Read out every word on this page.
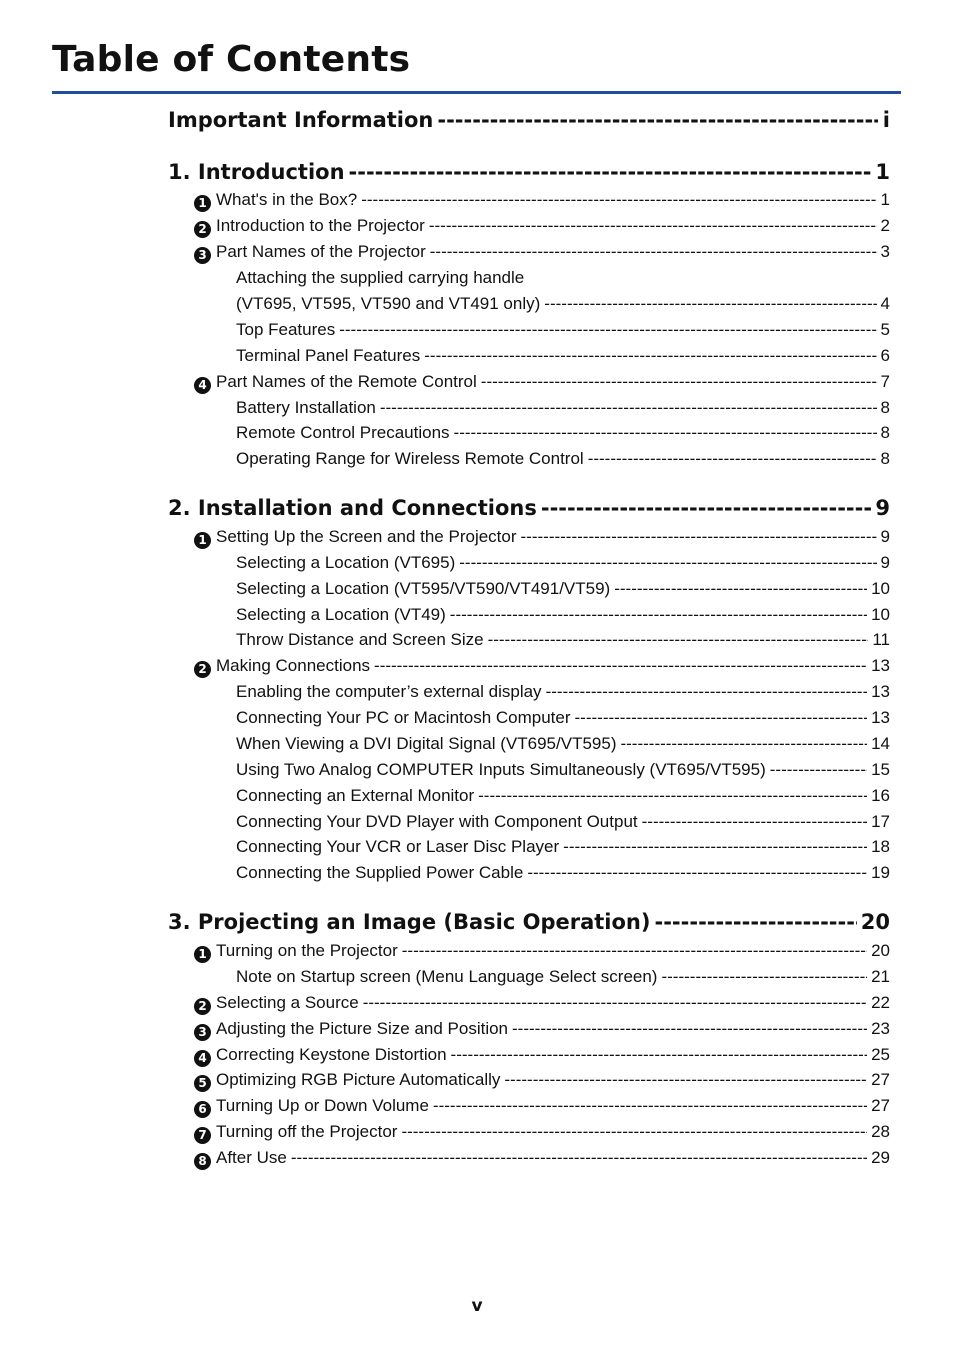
Table of Contents
Important Information -----	i
1. Introduction -----	1
1 What's in the Box? -----	1
2 Introduction to the Projector -----	2
3 Part Names of the Projector -----	3
Attaching the supplied carrying handle
(VT695, VT595, VT590 and VT491 only) -----	4
Top Features -----	5
Terminal Panel Features -----	6
4 Part Names of the Remote Control -----	7
Battery Installation -----	8
Remote Control Precautions -----	8
Operating Range for Wireless Remote Control -----	8
2. Installation and Connections -----	9
1 Setting Up the Screen and the Projector -----	9
Selecting a Location (VT695) -----	9
Selecting a Location (VT595/VT590/VT491/VT59) -----	10
Selecting a Location (VT49) -----	10
Throw Distance and Screen Size -----	11
2 Making Connections -----	13
Enabling the computer’s external display -----	13
Connecting Your PC or Macintosh Computer -----	13
When Viewing a DVI Digital Signal (VT695/VT595) -----	14
Using Two Analog COMPUTER Inputs Simultaneously (VT695/VT595) -----	15
Connecting an External Monitor -----	16
Connecting Your DVD Player with Component Output -----	17
Connecting Your VCR or Laser Disc Player -----	18
Connecting the Supplied Power Cable -----	19
3. Projecting an Image (Basic Operation) -----	20
1 Turning on the Projector -----	20
Note on Startup screen (Menu Language Select screen) -----	21
2 Selecting a Source -----	22
3 Adjusting the Picture Size and Position -----	23
4 Correcting Keystone Distortion -----	25
5 Optimizing RGB Picture Automatically -----	27
6 Turning Up or Down Volume -----	27
7 Turning off the Projector -----	28
8 After Use -----	29
v
